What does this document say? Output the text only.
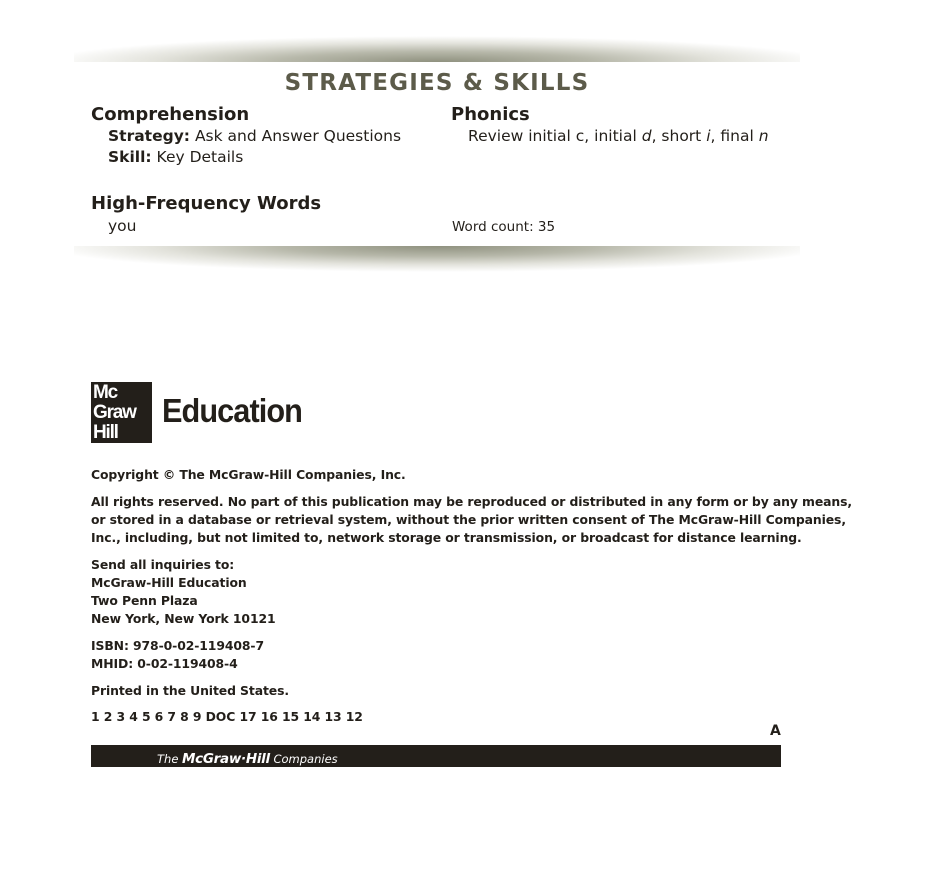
STRATEGIES & SKILLS
Comprehension
Strategy: Ask and Answer Questions
Skill: Key Details
Phonics
Review initial c, initial d, short i, final n
High-Frequency Words
you	Word count: 35
Mc
Graw
Hill
Education
Copyright © The McGraw-Hill Companies, Inc.
All rights reserved. No part of this publication may be reproduced or distributed in any form or by any means,
or stored in a database or retrieval system, without the prior written consent of The McGraw-Hill Companies,
Inc., including, but not limited to, network storage or transmission, or broadcast for distance learning.
Send all inquiries to:
McGraw-Hill Education
Two Penn Plaza
New York, New York 10121
ISBN: 978-0-02-119408-7
MHID: 0-02-119408-4
Printed in the United States.
1 2 3 4 5 6 7 8 9 DOC 17 16 15 14 13 12
A
The McGraw·Hill Companies
